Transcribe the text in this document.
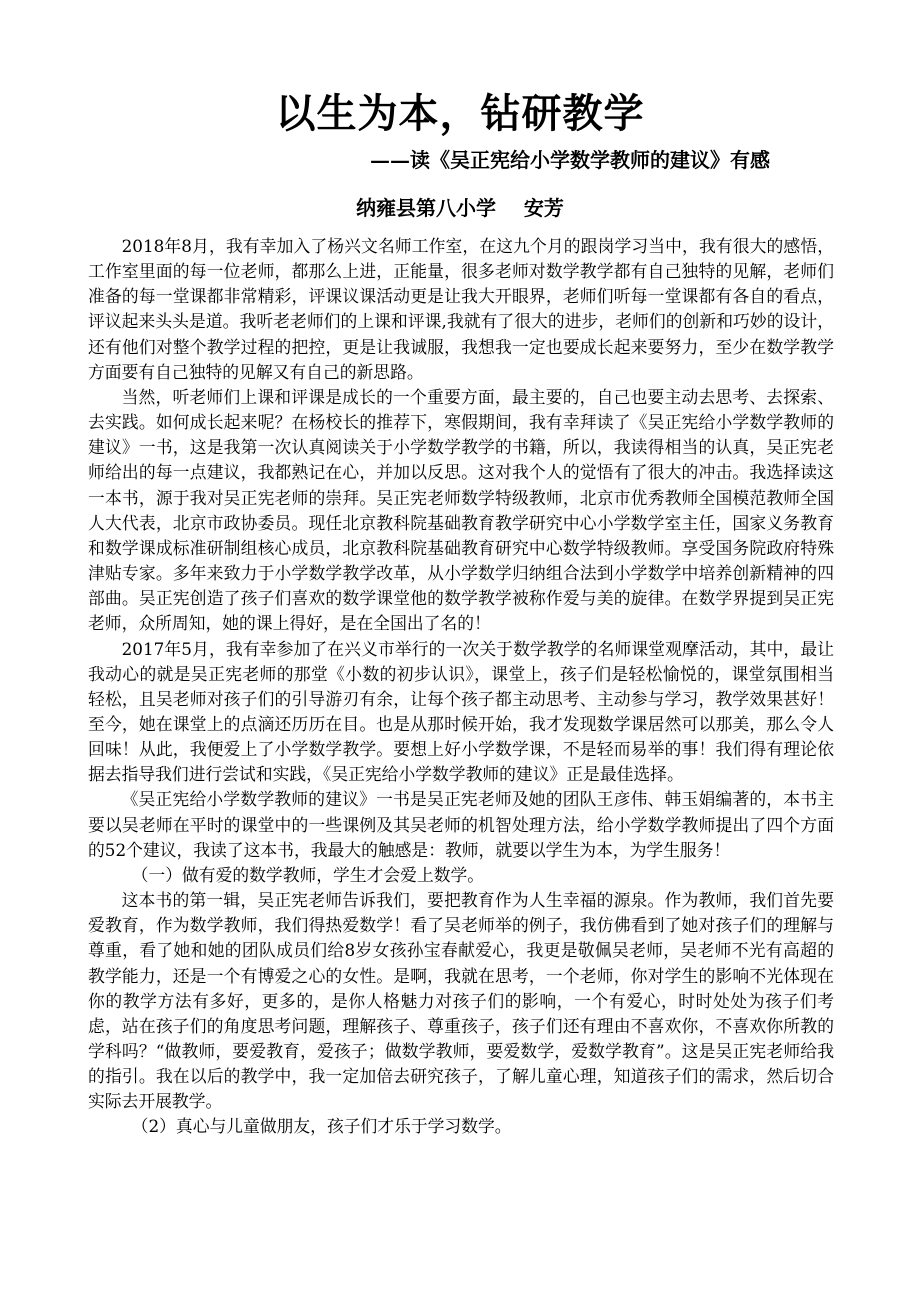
以生为本，钻研教学

——读《吴正宪给小学数学教师的建议》有感

纳雍县第八小学    安芳

2018年8月，我有幸加入了杨兴文名师工作室，在这九个月的跟岗学习当中，我有很大的感悟，工作室里面的每一位老师，都那么上进，正能量，很多老师对数学教学都有自己独特的见解，老师们准备的每一堂课都非常精彩，评课议课活动更是让我大开眼界，老师们听每一堂课都有各自的看点，评议起来头头是道。我听老老师们的上课和评课,我就有了很大的进步，老师们的创新和巧妙的设计，还有他们对整个教学过程的把控，更是让我诚服，我想我一定也要成长起来要努力，至少在数学教学方面要有自己独特的见解又有自己的新思路。

当然，听老师们上课和评课是成长的一个重要方面，最主要的，自己也要主动去思考、去探索、去实践。如何成长起来呢？在杨校长的推荐下，寒假期间，我有幸拜读了《吴正宪给小学数学教师的建议》一书，这是我第一次认真阅读关于小学数学教学的书籍，所以，我读得相当的认真，吴正宪老师给出的每一点建议，我都熟记在心，并加以反思。这对我个人的觉悟有了很大的冲击。我选择读这一本书，源于我对吴正宪老师的崇拜。吴正宪老师数学特级教师，北京市优秀教师全国模范教师全国人大代表，北京市政协委员。现任北京教科院基础教育教学研究中心小学数学室主任，国家义务教育和数学课成标准研制组核心成员，北京教科院基础教育研究中心数学特级教师。享受国务院政府特殊津贴专家。多年来致力于小学数学教学改革，从小学数学归纳组合法到小学数学中培养创新精神的四部曲。吴正宪创造了孩子们喜欢的数学课堂他的数学教学被称作爱与美的旋律。在数学界提到吴正宪老师，众所周知，她的课上得好，是在全国出了名的！

2017年5月，我有幸参加了在兴义市举行的一次关于数学教学的名师课堂观摩活动，其中，最让我动心的就是吴正宪老师的那堂《小数的初步认识》，课堂上，孩子们是轻松愉悦的，课堂氛围相当轻松，且吴老师对孩子们的引导游刃有余，让每个孩子都主动思考、主动参与学习，教学效果甚好！至今，她在课堂上的点滴还历历在目。也是从那时候开始，我才发现数学课居然可以那美，那么令人回味！从此，我便爱上了小学数学教学。要想上好小学数学课，不是轻而易举的事！我们得有理论依据去指导我们进行尝试和实践，《吴正宪给小学数学教师的建议》正是最佳选择。

《吴正宪给小学数学教师的建议》一书是吴正宪老师及她的团队王彦伟、韩玉娟编著的，本书主要以吴老师在平时的课堂中的一些课例及其吴老师的机智处理方法，给小学数学教师提出了四个方面的52个建议，我读了这本书，我最大的触感是：教师，就要以学生为本，为学生服务！

（一）做有爱的数学教师，学生才会爱上数学。

这本书的第一辑，吴正宪老师告诉我们，要把教育作为人生幸福的源泉。作为教师，我们首先要爱教育，作为数学教师，我们得热爱数学！看了吴老师举的例子，我仿佛看到了她对孩子们的理解与尊重，看了她和她的团队成员们给8岁女孩孙宝春献爱心，我更是敬佩吴老师，吴老师不光有高超的教学能力，还是一个有博爱之心的女性。是啊，我就在思考，一个老师，你对学生的影响不光体现在你的教学方法有多好，更多的，是你人格魅力对孩子们的影响，一个有爱心，时时处处为孩子们考虑，站在孩子们的角度思考问题，理解孩子、尊重孩子，孩子们还有理由不喜欢你，不喜欢你所教的学科吗？“做教师，要爱教育，爱孩子；做数学教师，要爱数学，爱数学教育”。这是吴正宪老师给我的指引。我在以后的教学中，我一定加倍去研究孩子，了解儿童心理，知道孩子们的需求，然后切合实际去开展教学。

（2）真心与儿童做朋友，孩子们才乐于学习数学。
